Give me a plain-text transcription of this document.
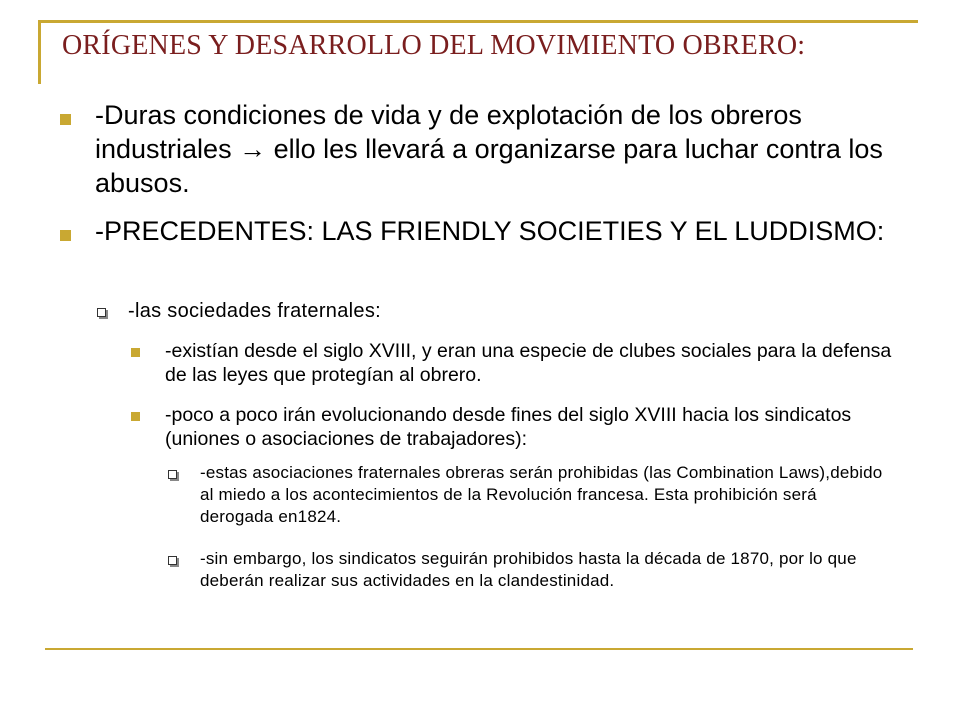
ORÍGENES Y DESARROLLO DEL MOVIMIENTO OBRERO:
-Duras condiciones de vida y de explotación de los obreros industriales → ello les llevará a organizarse para luchar contra los abusos.
-PRECEDENTES: LAS FRIENDLY SOCIETIES Y EL LUDDISMO:
-las sociedades fraternales:
-existían desde el siglo XVIII, y eran una especie de clubes sociales para la defensa de las leyes que protegían al obrero.
-poco a poco irán evolucionando desde fines del siglo XVIII hacia los sindicatos (uniones o asociaciones de trabajadores):
-estas asociaciones fraternales obreras serán prohibidas (las Combination Laws),debido al miedo a los acontecimientos de la Revolución francesa. Esta prohibición será derogada en1824.
-sin embargo, los sindicatos seguirán prohibidos hasta la década de 1870, por lo que deberán realizar sus actividades en la clandestinidad.
